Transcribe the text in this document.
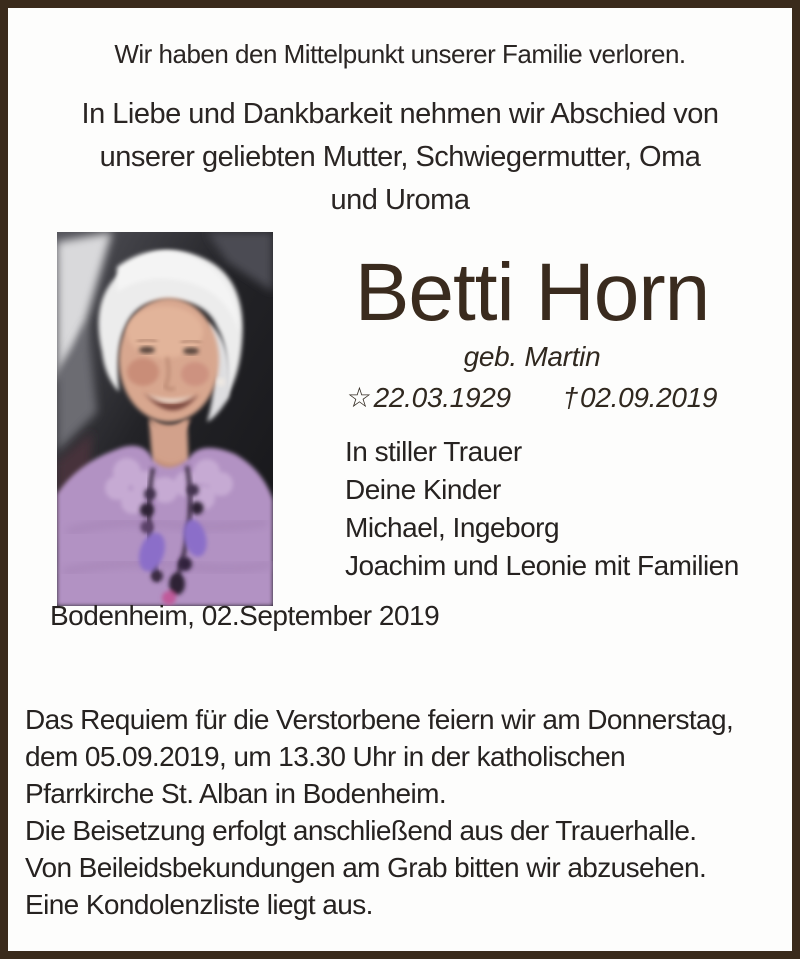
Wir haben den Mittelpunkt unserer Familie verloren.
In Liebe und Dankbarkeit nehmen wir Abschied von
unserer geliebten Mutter, Schwiegermutter, Oma
und Uroma
Betti Horn
geb. Martin
☆22.03.1929 †02.09.2019
In stiller Trauer
Deine Kinder
Michael, Ingeborg
Joachim und Leonie mit Familien
Bodenheim, 02.September 2019
Das Requiem für die Verstorbene feiern wir am Donnerstag,
dem 05.09.2019, um 13.30 Uhr in der katholischen
Pfarrkirche St. Alban in Bodenheim.
Die Beisetzung erfolgt anschließend aus der Trauerhalle.
Von Beileidsbekundungen am Grab bitten wir abzusehen.
Eine Kondolenzliste liegt aus.
